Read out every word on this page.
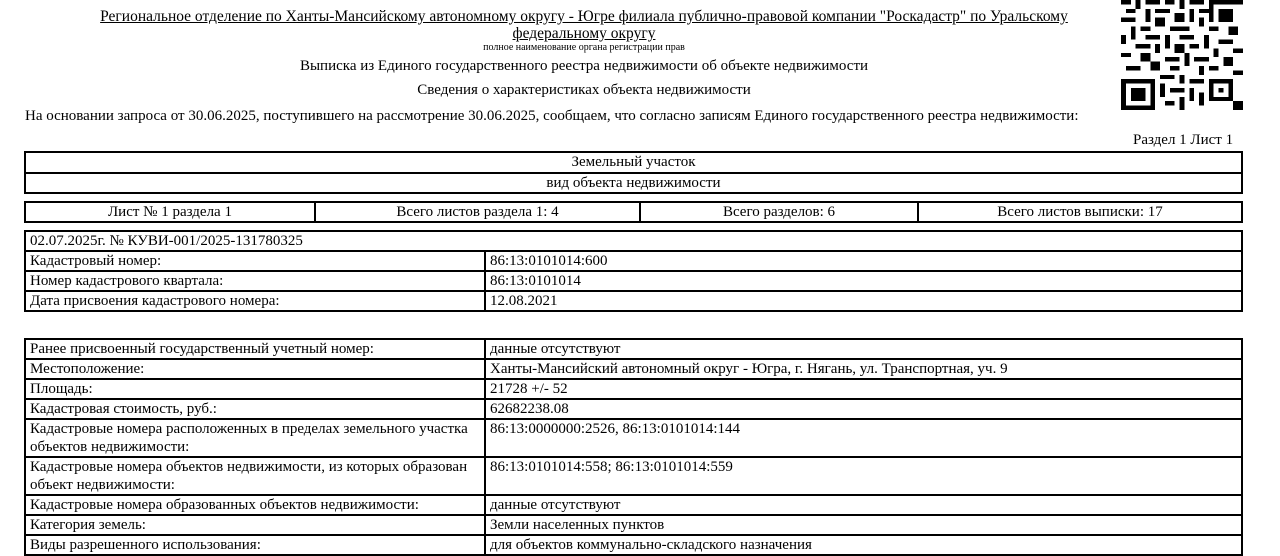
Региональное отделение по Ханты-Мансийскому автономному округу - Югре филиала публично-правовой компании "Роскадастр" по Уральскому
федеральному округу
полное наименование органа регистрации прав
Выписка из Единого государственного реестра недвижимости об объекте недвижимости
Сведения о характеристиках объекта недвижимости
На основании запроса от 30.06.2025, поступившего на рассмотрение 30.06.2025, сообщаем, что согласно записям Единого государственного реестра недвижимости:
Раздел 1 Лист 1
Земельный участок
вид объекта недвижимости
Лист № 1 раздела 1	Всего листов раздела 1: 4	Всего разделов: 6	Всего листов выписки: 17
02.07.2025г. № КУВИ-001/2025-131780325	
Кадастровый номер:	86:13:0101014:600
Номер кадастрового квартала:	86:13:0101014
Дата присвоения кадастрового номера:	12.08.2021
Ранее присвоенный государственный учетный номер:	данные отсутствуют
Местоположение:	Ханты-Мансийский автономный округ - Югра, г. Нягань, ул. Транспортная, уч. 9
Площадь:	21728 +/- 52
Кадастровая стоимость, руб.:	62682238.08
Кадастровые номера расположенных в пределах земельного участка объектов недвижимости:	86:13:0000000:2526, 86:13:0101014:144
Кадастровые номера объектов недвижимости, из которых образован объект недвижимости:	86:13:0101014:558; 86:13:0101014:559
Кадастровые номера образованных объектов недвижимости:	данные отсутствуют
Категория земель:	Земли населенных пунктов
Виды разрешенного использования:	для объектов коммунально-складского назначения
